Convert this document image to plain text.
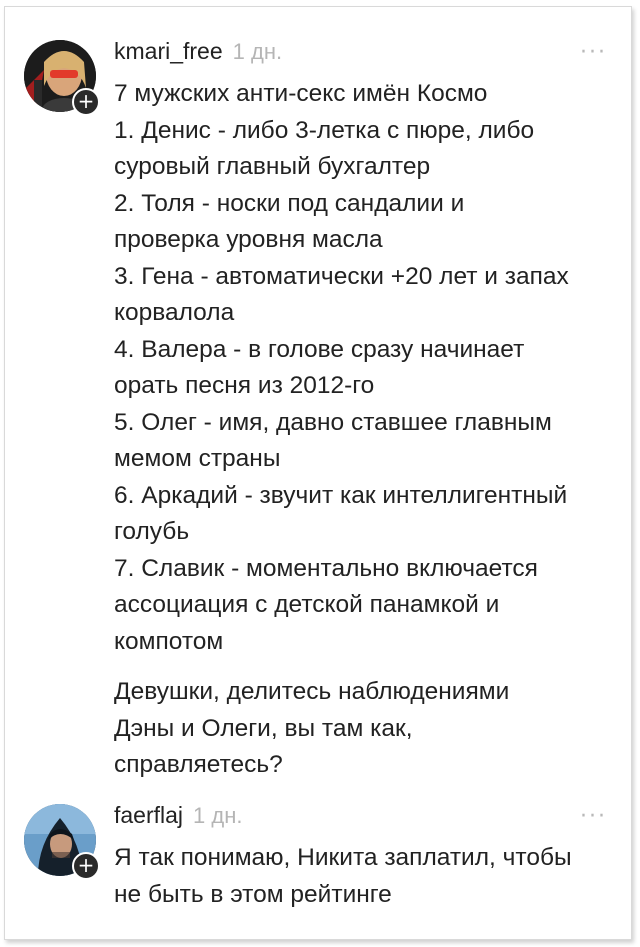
+
kmari_free 1 дн.	···
7 мужских анти-секс имён Космо
1. Денис - либо 3-летка с пюре, либо
суровый главный бухгалтер
2. Толя - носки под сандалии и
проверка уровня масла
3. Гена - автоматически +20 лет и запах
корвалола
4. Валера - в голове сразу начинает
орать песня из 2012-го
5. Олег - имя, давно ставшее главным
мемом страны
6. Аркадий - звучит как интеллигентный
голубь
7. Славик - моментально включается
ассоциация с детской панамкой и
компотом
Девушки, делитесь наблюдениями
Дэны и Олеги, вы там как,
справляетесь?
+
faerflaj 1 дн.	···
Я так понимаю, Никита заплатил, чтобы
не быть в этом рейтинге
